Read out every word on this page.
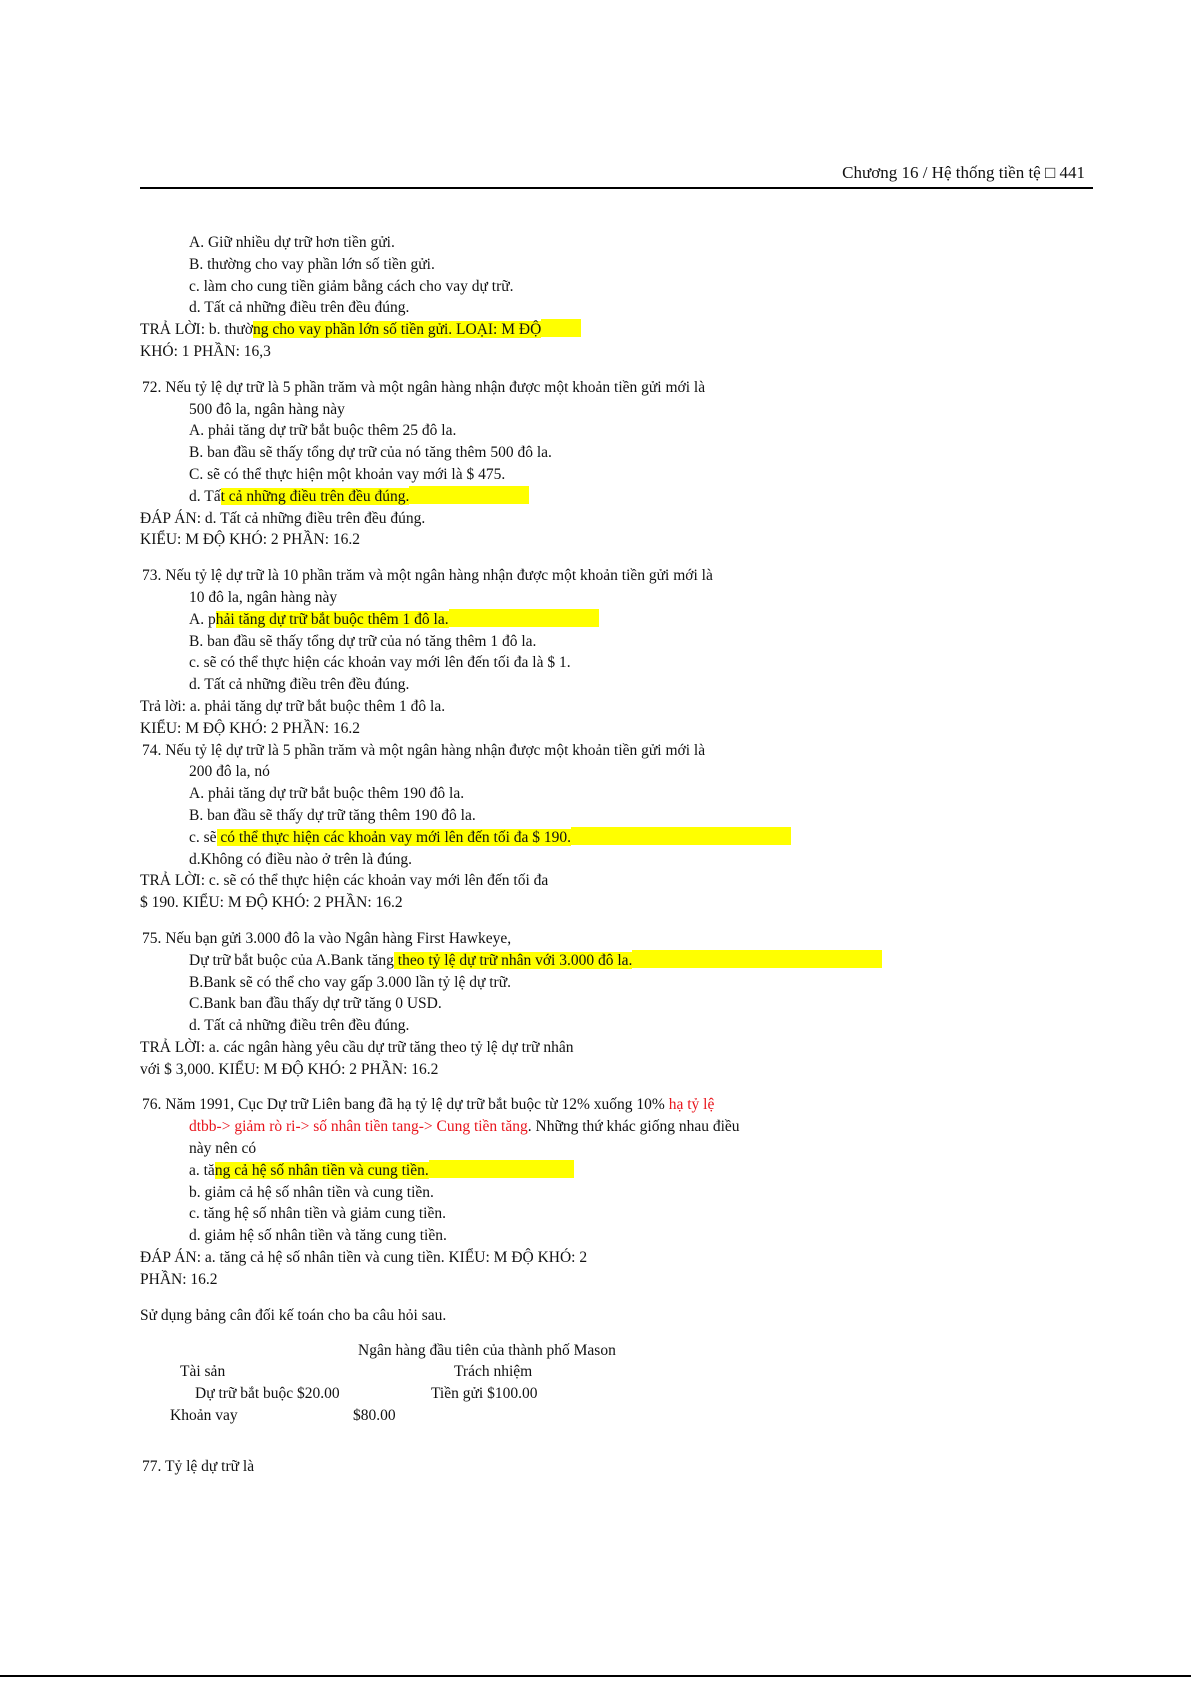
Chương 16 / Hệ thống tiền tệ □ 441
A. Giữ nhiều dự trữ hơn tiền gửi.
B. thường cho vay phần lớn số tiền gửi.
c. làm cho cung tiền giảm bằng cách cho vay dự trữ.
d. Tất cả những điều trên đều đúng.
TRẢ LỜI: b. thường cho vay phần lớn số tiền gửi. LOẠI: M ĐỘ
KHÓ: 1 PHẦN: 16,3
72. Nếu tỷ lệ dự trữ là 5 phần trăm và một ngân hàng nhận được một khoản tiền gửi mới là
500 đô la, ngân hàng này
A. phải tăng dự trữ bắt buộc thêm 25 đô la.
B. ban đầu sẽ thấy tổng dự trữ của nó tăng thêm 500 đô la.
C. sẽ có thể thực hiện một khoản vay mới là $ 475.
d. Tất cả những điều trên đều đúng.
ĐÁP ÁN: d. Tất cả những điều trên đều đúng.
KIỂU: M ĐỘ KHÓ: 2 PHẦN: 16.2
73. Nếu tỷ lệ dự trữ là 10 phần trăm và một ngân hàng nhận được một khoản tiền gửi mới là
10 đô la, ngân hàng này
A. phải tăng dự trữ bắt buộc thêm 1 đô la.
B. ban đầu sẽ thấy tổng dự trữ của nó tăng thêm 1 đô la.
c. sẽ có thể thực hiện các khoản vay mới lên đến tối đa là $ 1.
d. Tất cả những điều trên đều đúng.
Trả lời: a. phải tăng dự trữ bắt buộc thêm 1 đô la.
KIỂU: M ĐỘ KHÓ: 2 PHẦN: 16.2
74. Nếu tỷ lệ dự trữ là 5 phần trăm và một ngân hàng nhận được một khoản tiền gửi mới là
200 đô la, nó
A. phải tăng dự trữ bắt buộc thêm 190 đô la.
B. ban đầu sẽ thấy dự trữ tăng thêm 190 đô la.
c. sẽ có thể thực hiện các khoản vay mới lên đến tối đa $ 190.
d.Không có điều nào ở trên là đúng.
TRẢ LỜI: c. sẽ có thể thực hiện các khoản vay mới lên đến tối đa
$ 190. KIỂU: M ĐỘ KHÓ: 2 PHẦN: 16.2
75. Nếu bạn gửi 3.000 đô la vào Ngân hàng First Hawkeye,
Dự trữ bắt buộc của A.Bank tăng theo tỷ lệ dự trữ nhân với 3.000 đô la.
B.Bank sẽ có thể cho vay gấp 3.000 lần tỷ lệ dự trữ.
C.Bank ban đầu thấy dự trữ tăng 0 USD.
d. Tất cả những điều trên đều đúng.
TRẢ LỜI: a. các ngân hàng yêu cầu dự trữ tăng theo tỷ lệ dự trữ nhân
với $ 3,000. KIỂU: M ĐỘ KHÓ: 2 PHẦN: 16.2
76. Năm 1991, Cục Dự trữ Liên bang đã hạ tỷ lệ dự trữ bắt buộc từ 12% xuống 10% hạ tỷ lệ
dtbb-> giảm rò ri-> số nhân tiền tang-> Cung tiền tăng. Những thứ khác giống nhau điều
này nên có
a. tăng cả hệ số nhân tiền và cung tiền.
b. giảm cả hệ số nhân tiền và cung tiền.
c. tăng hệ số nhân tiền và giảm cung tiền.
d. giảm hệ số nhân tiền và tăng cung tiền.
ĐÁP ÁN: a. tăng cả hệ số nhân tiền và cung tiền. KIỂU: M ĐỘ KHÓ: 2
PHẦN: 16.2
Sử dụng bảng cân đối kế toán cho ba câu hỏi sau.
Ngân hàng đầu tiên của thành phố Mason
Tài sản	Trách nhiệm
Dự trữ bắt buộc $20.00	Tiền gửi $100.00
Khoản vay	$80.00
77. Tỷ lệ dự trữ là
